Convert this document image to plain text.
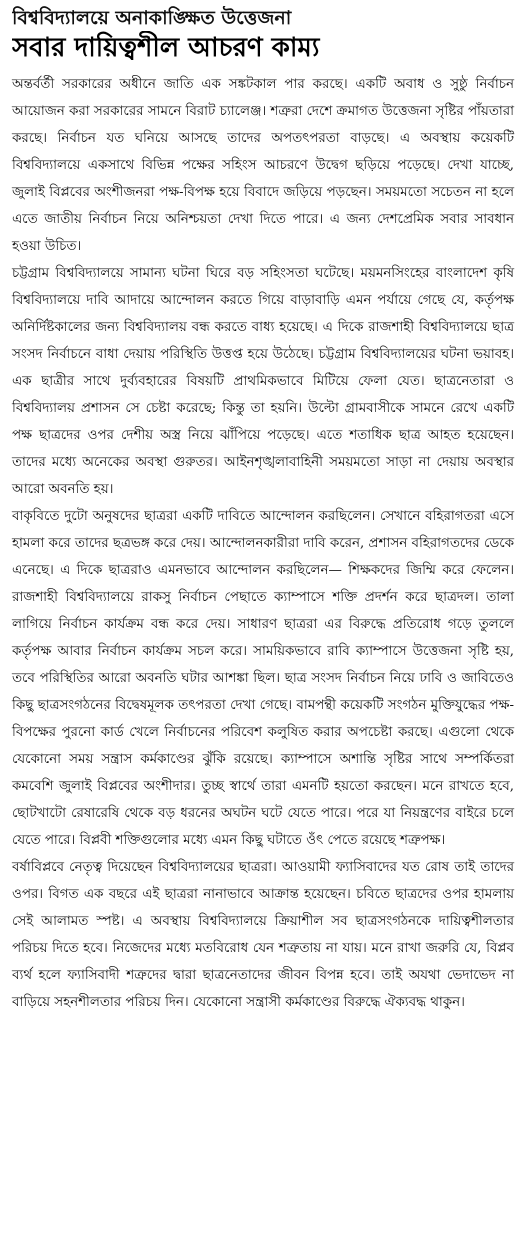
বিশ্ববিদ্যালয়ে অনাকাঙ্ক্ষিত উত্তেজনা
সবার দায়িত্বশীল আচরণ কাম্য

অন্তর্বর্তী সরকারের অধীনে জাতি এক সঙ্কটকাল পার করছে। একটি অবাধ ও সুষ্ঠু নির্বাচন আয়োজন করা সরকারের সামনে বিরাট চ্যালেঞ্জ। শত্রুরা দেশে ক্রমাগত উত্তেজনা সৃষ্টির পাঁয়তারা করছে। নির্বাচন যত ঘনিয়ে আসছে তাদের অপতৎপরতা বাড়ছে। এ অবস্থায় কয়েকটি বিশ্ববিদ্যালয়ে একসাথে বিভিন্ন পক্ষের সহিংস আচরণে উদ্বেগ ছড়িয়ে পড়েছে। দেখা যাচ্ছে, জুলাই বিপ্লবের অংশীজনরা পক্ষ-বিপক্ষ হয়ে বিবাদে জড়িয়ে পড়ছেন। সময়মতো সচেতন না হলে এতে জাতীয় নির্বাচন নিয়ে অনিশ্চয়তা দেখা দিতে পারে। এ জন্য দেশপ্রেমিক সবার সাবধান হওয়া উচিত।

চট্টগ্রাম বিশ্ববিদ্যালয়ে সামান্য ঘটনা ঘিরে বড় সহিংসতা ঘটেছে। ময়মনসিংহের বাংলাদেশ কৃষি বিশ্ববিদ্যালয়ে দাবি আদায়ে আন্দোলন করতে গিয়ে বাড়াবাড়ি এমন পর্যায়ে গেছে যে, কর্তৃপক্ষ অনির্দিষ্টকালের জন্য বিশ্ববিদ্যালয় বন্ধ করতে বাধ্য হয়েছে। এ দিকে রাজশাহী বিশ্ববিদ্যালয়ে ছাত্র সংসদ নির্বাচনে বাধা দেয়ায় পরিস্থিতি উত্তপ্ত হয়ে উঠেছে। চট্টগ্রাম বিশ্ববিদ্যালয়ের ঘটনা ভয়াবহ। এক ছাত্রীর সাথে দুর্ব্যবহারের বিষয়টি প্রাথমিকভাবে মিটিয়ে ফেলা যেত। ছাত্রনেতারা ও বিশ্ববিদ্যালয় প্রশাসন সে চেষ্টা করেছে; কিন্তু তা হয়নি। উল্টো গ্রামবাসীকে সামনে রেখে একটি পক্ষ ছাত্রদের ওপর দেশীয় অস্ত্র নিয়ে ঝাঁপিয়ে পড়েছে। এতে শতাধিক ছাত্র আহত হয়েছেন। তাদের মধ্যে অনেকের অবস্থা গুরুতর। আইনশৃঙ্খলাবাহিনী সময়মতো সাড়া না দেয়ায় অবস্থার আরো অবনতি হয়।

বাকৃবিতে দুটো অনুষদের ছাত্ররা একটি দাবিতে আন্দোলন করছিলেন। সেখানে বহিরাগতরা এসে হামলা করে তাদের ছত্রভঙ্গ করে দেয়। আন্দোলনকারীরা দাবি করেন, প্রশাসন বহিরাগতদের ডেকে এনেছে। এ দিকে ছাত্ররাও এমনভাবে আন্দোলন করছিলেন— শিক্ষকদের জিম্মি করে ফেলেন। রাজশাহী বিশ্ববিদ্যালয়ে রাকসু নির্বাচন পেছাতে ক্যাম্পাসে শক্তি প্রদর্শন করে ছাত্রদল। তালা লাগিয়ে নির্বাচন কার্যক্রম বন্ধ করে দেয়। সাধারণ ছাত্ররা এর বিরুদ্ধে প্রতিরোধ গড়ে তুললে কর্তৃপক্ষ আবার নির্বাচন কার্যক্রম সচল করে। সাময়িকভাবে রাবি ক্যাম্পাসে উত্তেজনা সৃষ্টি হয়, তবে পরিস্থিতির আরো অবনতি ঘটার আশঙ্কা ছিল। ছাত্র সংসদ নির্বাচন নিয়ে ঢাবি ও জাবিতেও কিছু ছাত্রসংগঠনের বিদ্বেষমূলক তৎপরতা দেখা গেছে। বামপন্থী কয়েকটি সংগঠন মুক্তিযুদ্ধের পক্ষ-বিপক্ষের পুরনো কার্ড খেলে নির্বাচনের পরিবেশ কলুষিত করার অপচেষ্টা করছে। এগুলো থেকে যেকোনো সময় সন্ত্রাস কর্মকাণ্ডের ঝুঁকি রয়েছে। ক্যাম্পাসে অশান্তি সৃষ্টির সাথে সম্পর্কিতরা কমবেশি জুলাই বিপ্লবের অংশীদার। তুচ্ছ স্বার্থে তারা এমনটি হয়তো করছেন। মনে রাখতে হবে, ছোটখাটো রেষারেষি থেকে বড় ধরনের অঘটন ঘটে যেতে পারে। পরে যা নিয়ন্ত্রণের বাইরে চলে যেতে পারে। বিপ্লবী শক্তিগুলোর মধ্যে এমন কিছু ঘটাতে ওঁৎ পেতে রয়েছে শত্রুপক্ষ।

বর্ষাবিপ্লবে নেতৃত্ব দিয়েছেন বিশ্ববিদ্যালয়ের ছাত্ররা। আওয়ামী ফ্যাসিবাদের যত রোষ তাই তাদের ওপর। বিগত এক বছরে এই ছাত্ররা নানাভাবে আক্রান্ত হয়েছেন। চবিতে ছাত্রদের ওপর হামলায় সেই আলামত স্পষ্ট। এ অবস্থায় বিশ্ববিদ্যালয়ে ক্রিয়াশীল সব ছাত্রসংগঠনকে দায়িত্বশীলতার পরিচয় দিতে হবে। নিজেদের মধ্যে মতবিরোধ যেন শত্রুতায় না যায়। মনে রাখা জরুরি যে, বিপ্লব ব্যর্থ হলে ফ্যাসিবাদী শত্রুদের দ্বারা ছাত্রনেতাদের জীবন বিপন্ন হবে। তাই অযথা ভেদাভেদ না বাড়িয়ে সহনশীলতার পরিচয় দিন। যেকোনো সন্ত্রাসী কর্মকাণ্ডের বিরুদ্ধে ঐক্যবদ্ধ থাকুন।
